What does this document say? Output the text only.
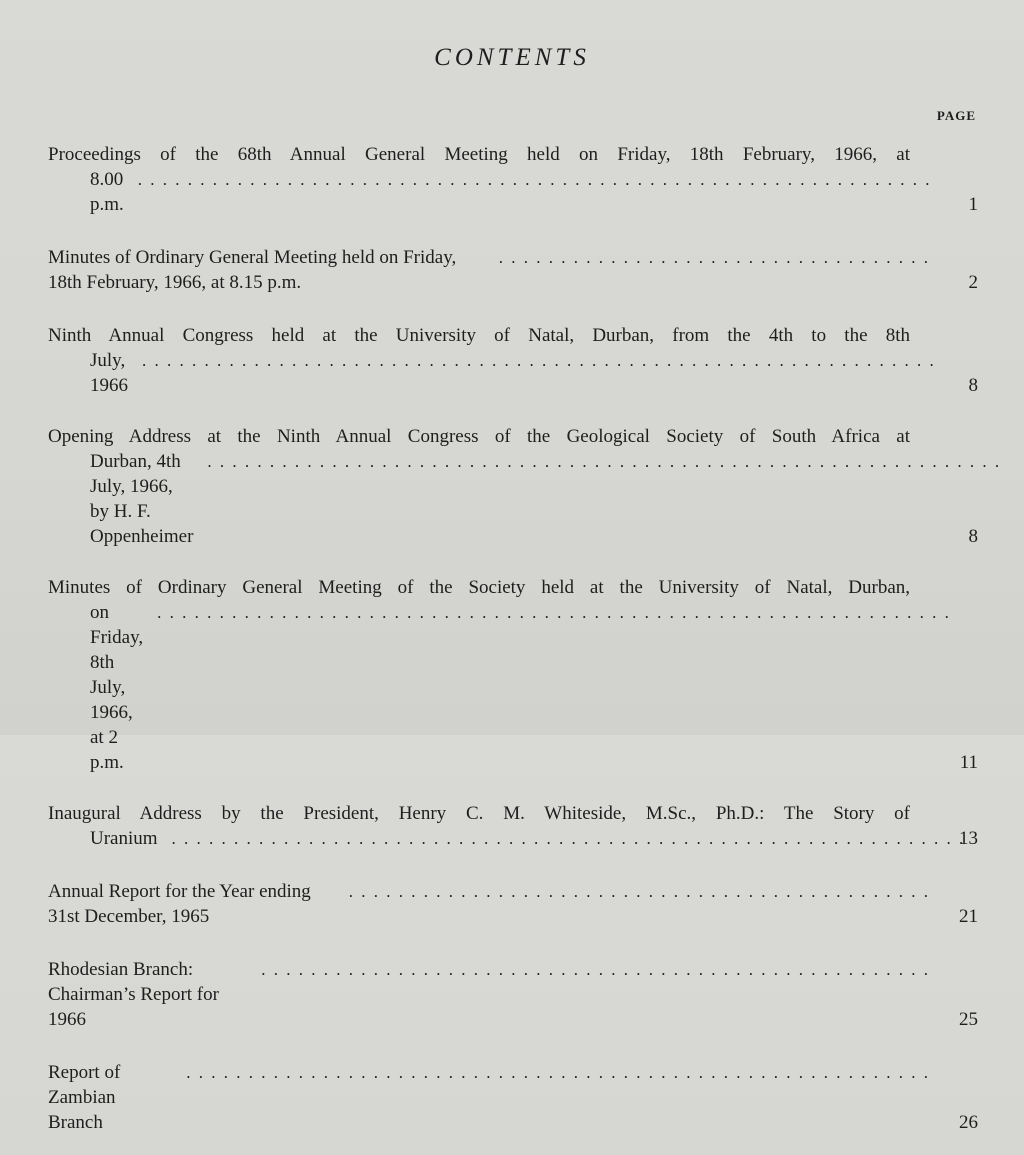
CONTENTS
PAGE
Proceedings of the 68th Annual General Meeting held on Friday, 18th February, 1966, at
8.00 p.m.
. . . . . . . . . . . . . . . . . . . . . . . . . . . . . . . . . . . . . . . . . . . . . . . . . . . . . . . . . . . . . . . .
1
Minutes of Ordinary General Meeting held on Friday, 18th February, 1966, at 8.15 p.m.
. . . . . . . . . . . . . . . . . . . . . . . . . . . . . . . . . . .
2
Ninth Annual Congress held at the University of Natal, Durban, from the 4th to the 8th
July, 1966
. . . . . . . . . . . . . . . . . . . . . . . . . . . . . . . . . . . . . . . . . . . . . . . . . . . . . . . . . . . . . . . .
8
Opening Address at the Ninth Annual Congress of the Geological Society of South Africa at
Durban, 4th July, 1966, by H. F. Oppenheimer
. . . . . . . . . . . . . . . . . . . . . . . . . . . . . . . . . . . . . . . . . . . . . . . . . . . . . . . . . . . . . . . .
8
Minutes of Ordinary General Meeting of the Society held at the University of Natal, Durban,
on Friday, 8th July, 1966, at 2 p.m.
. . . . . . . . . . . . . . . . . . . . . . . . . . . . . . . . . . . . . . . . . . . . . . . . . . . . . . . . . . . . . . . .
11
Inaugural Address by the President, Henry C. M. Whiteside, M.Sc., Ph.D.: The Story of
Uranium . . . . . . . . . . . . . . . . . . . . . . . . . . . . . . . . . . . . . . . . . . . . . . . . . . . . . . . . . . . . . . . .
13
Annual Report for the Year ending 31st December, 1965
. . . . . . . . . . . . . . . . . . . . . . . . . . . . . . . . . . . . . . . . . . . . . . .
21
Rhodesian Branch: Chairman’s Report for 1966
. . . . . . . . . . . . . . . . . . . . . . . . . . . . . . . . . . . . . . . . . . . . . . . . . . . . . .
25
Report of Zambian Branch
. . . . . . . . . . . . . . . . . . . . . . . . . . . . . . . . . . . . . . . . . . . . . . . . . . . . . . . . . . . .
26
